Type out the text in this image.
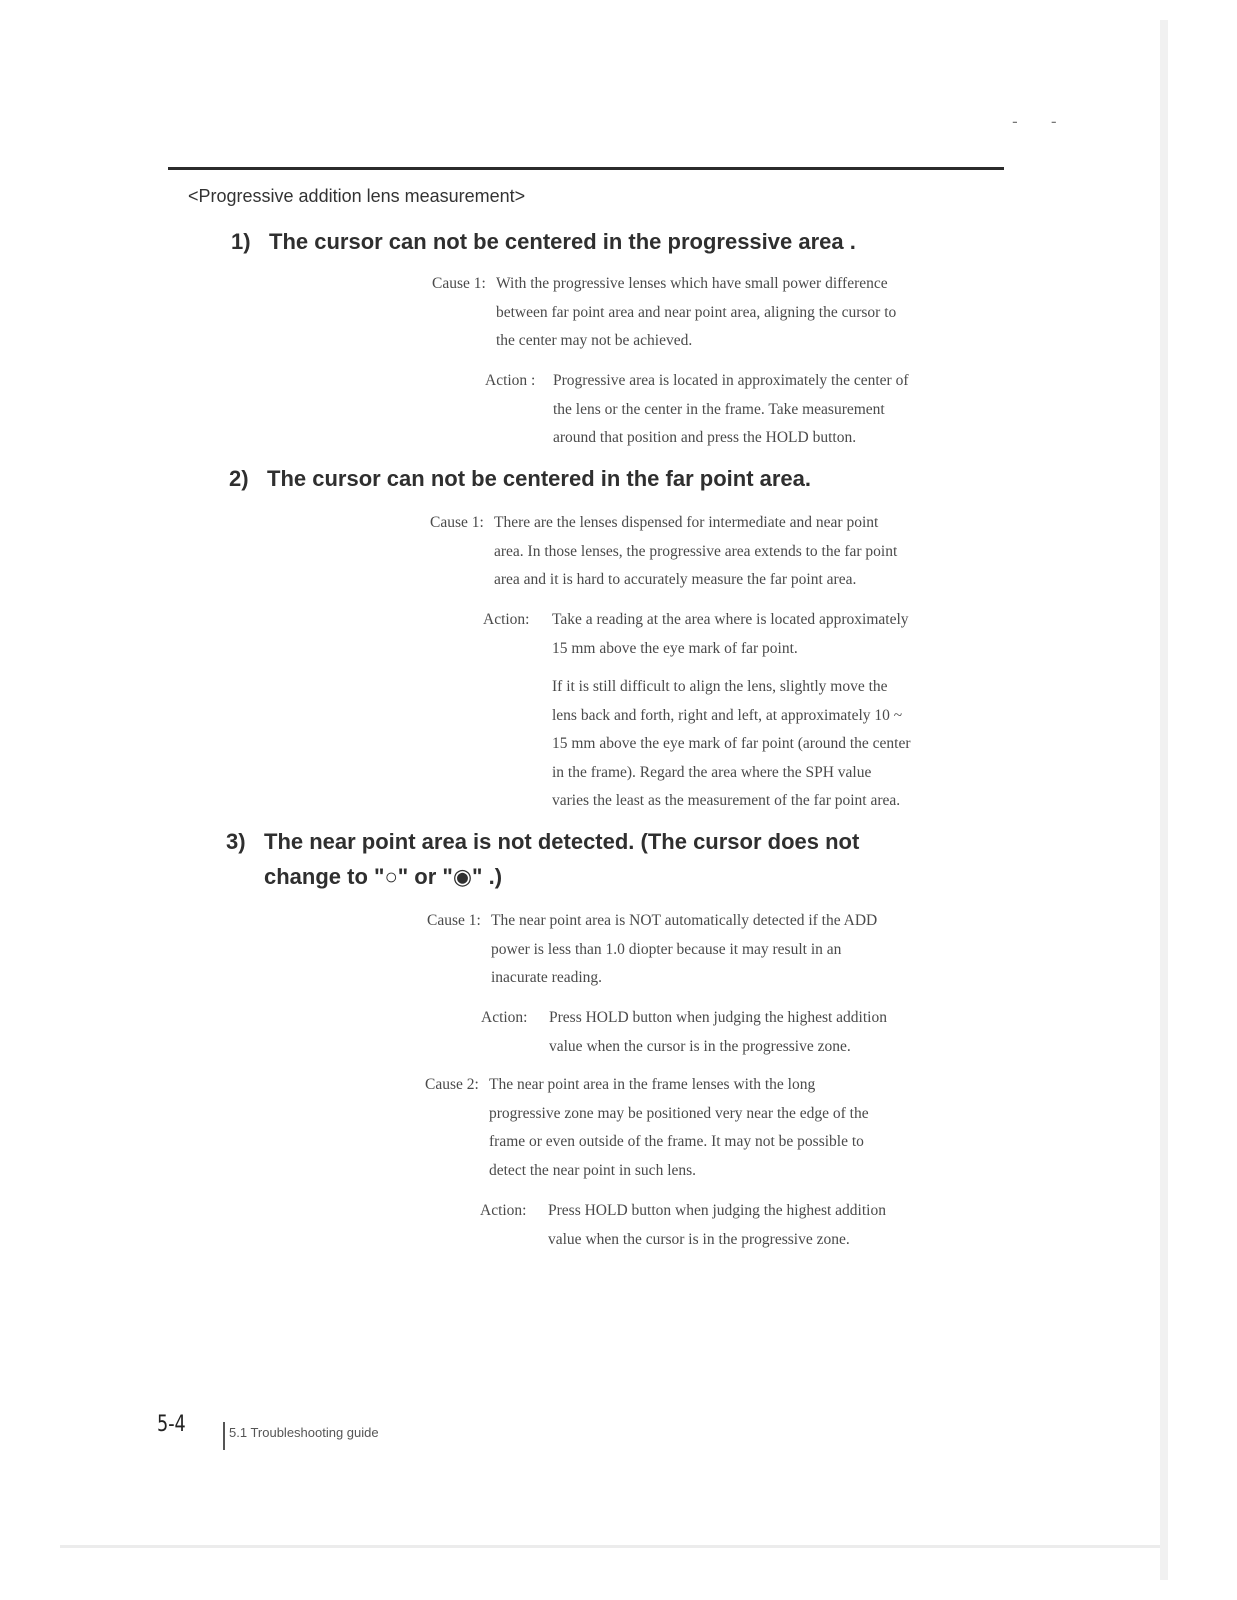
- -
<Progressive addition lens measurement>
1) The cursor can not be centered in the progressive area .
Cause 1: With the progressive lenses which have small power difference
between far point area and near point area, aligning the cursor to
the center may not be achieved.
Action : Progressive area is located in approximately the center of
the lens or the center in the frame. Take measurement
around that position and press the HOLD button.
2) The cursor can not be centered in the far point area.
Cause 1: There are the lenses dispensed for intermediate and near point
area. In those lenses, the progressive area extends to the far point
area and it is hard to accurately measure the far point area.
Action: Take a reading at the area where is located approximately
15 mm above the eye mark of far point.
If it is still difficult to align the lens, slightly move the
lens back and forth, right and left, at approximately 10 ~
15 mm above the eye mark of far point (around the center
in the frame). Regard the area where the SPH value
varies the least as the measurement of the far point area.
3) The near point area is not detected. (The cursor does not
change to "○" or "◉" .)
Cause 1: The near point area is NOT automatically detected if the ADD
power is less than 1.0 diopter because it may result in an
inacurate reading.
Action: Press HOLD button when judging the highest addition
value when the cursor is in the progressive zone.
Cause 2: The near point area in the frame lenses with the long
progressive zone may be positioned very near the edge of the
frame or even outside of the frame. It may not be possible to
detect the near point in such lens.
Action: Press HOLD button when judging the highest addition
value when the cursor is in the progressive zone.
5-4	5.1 Troubleshooting guide
